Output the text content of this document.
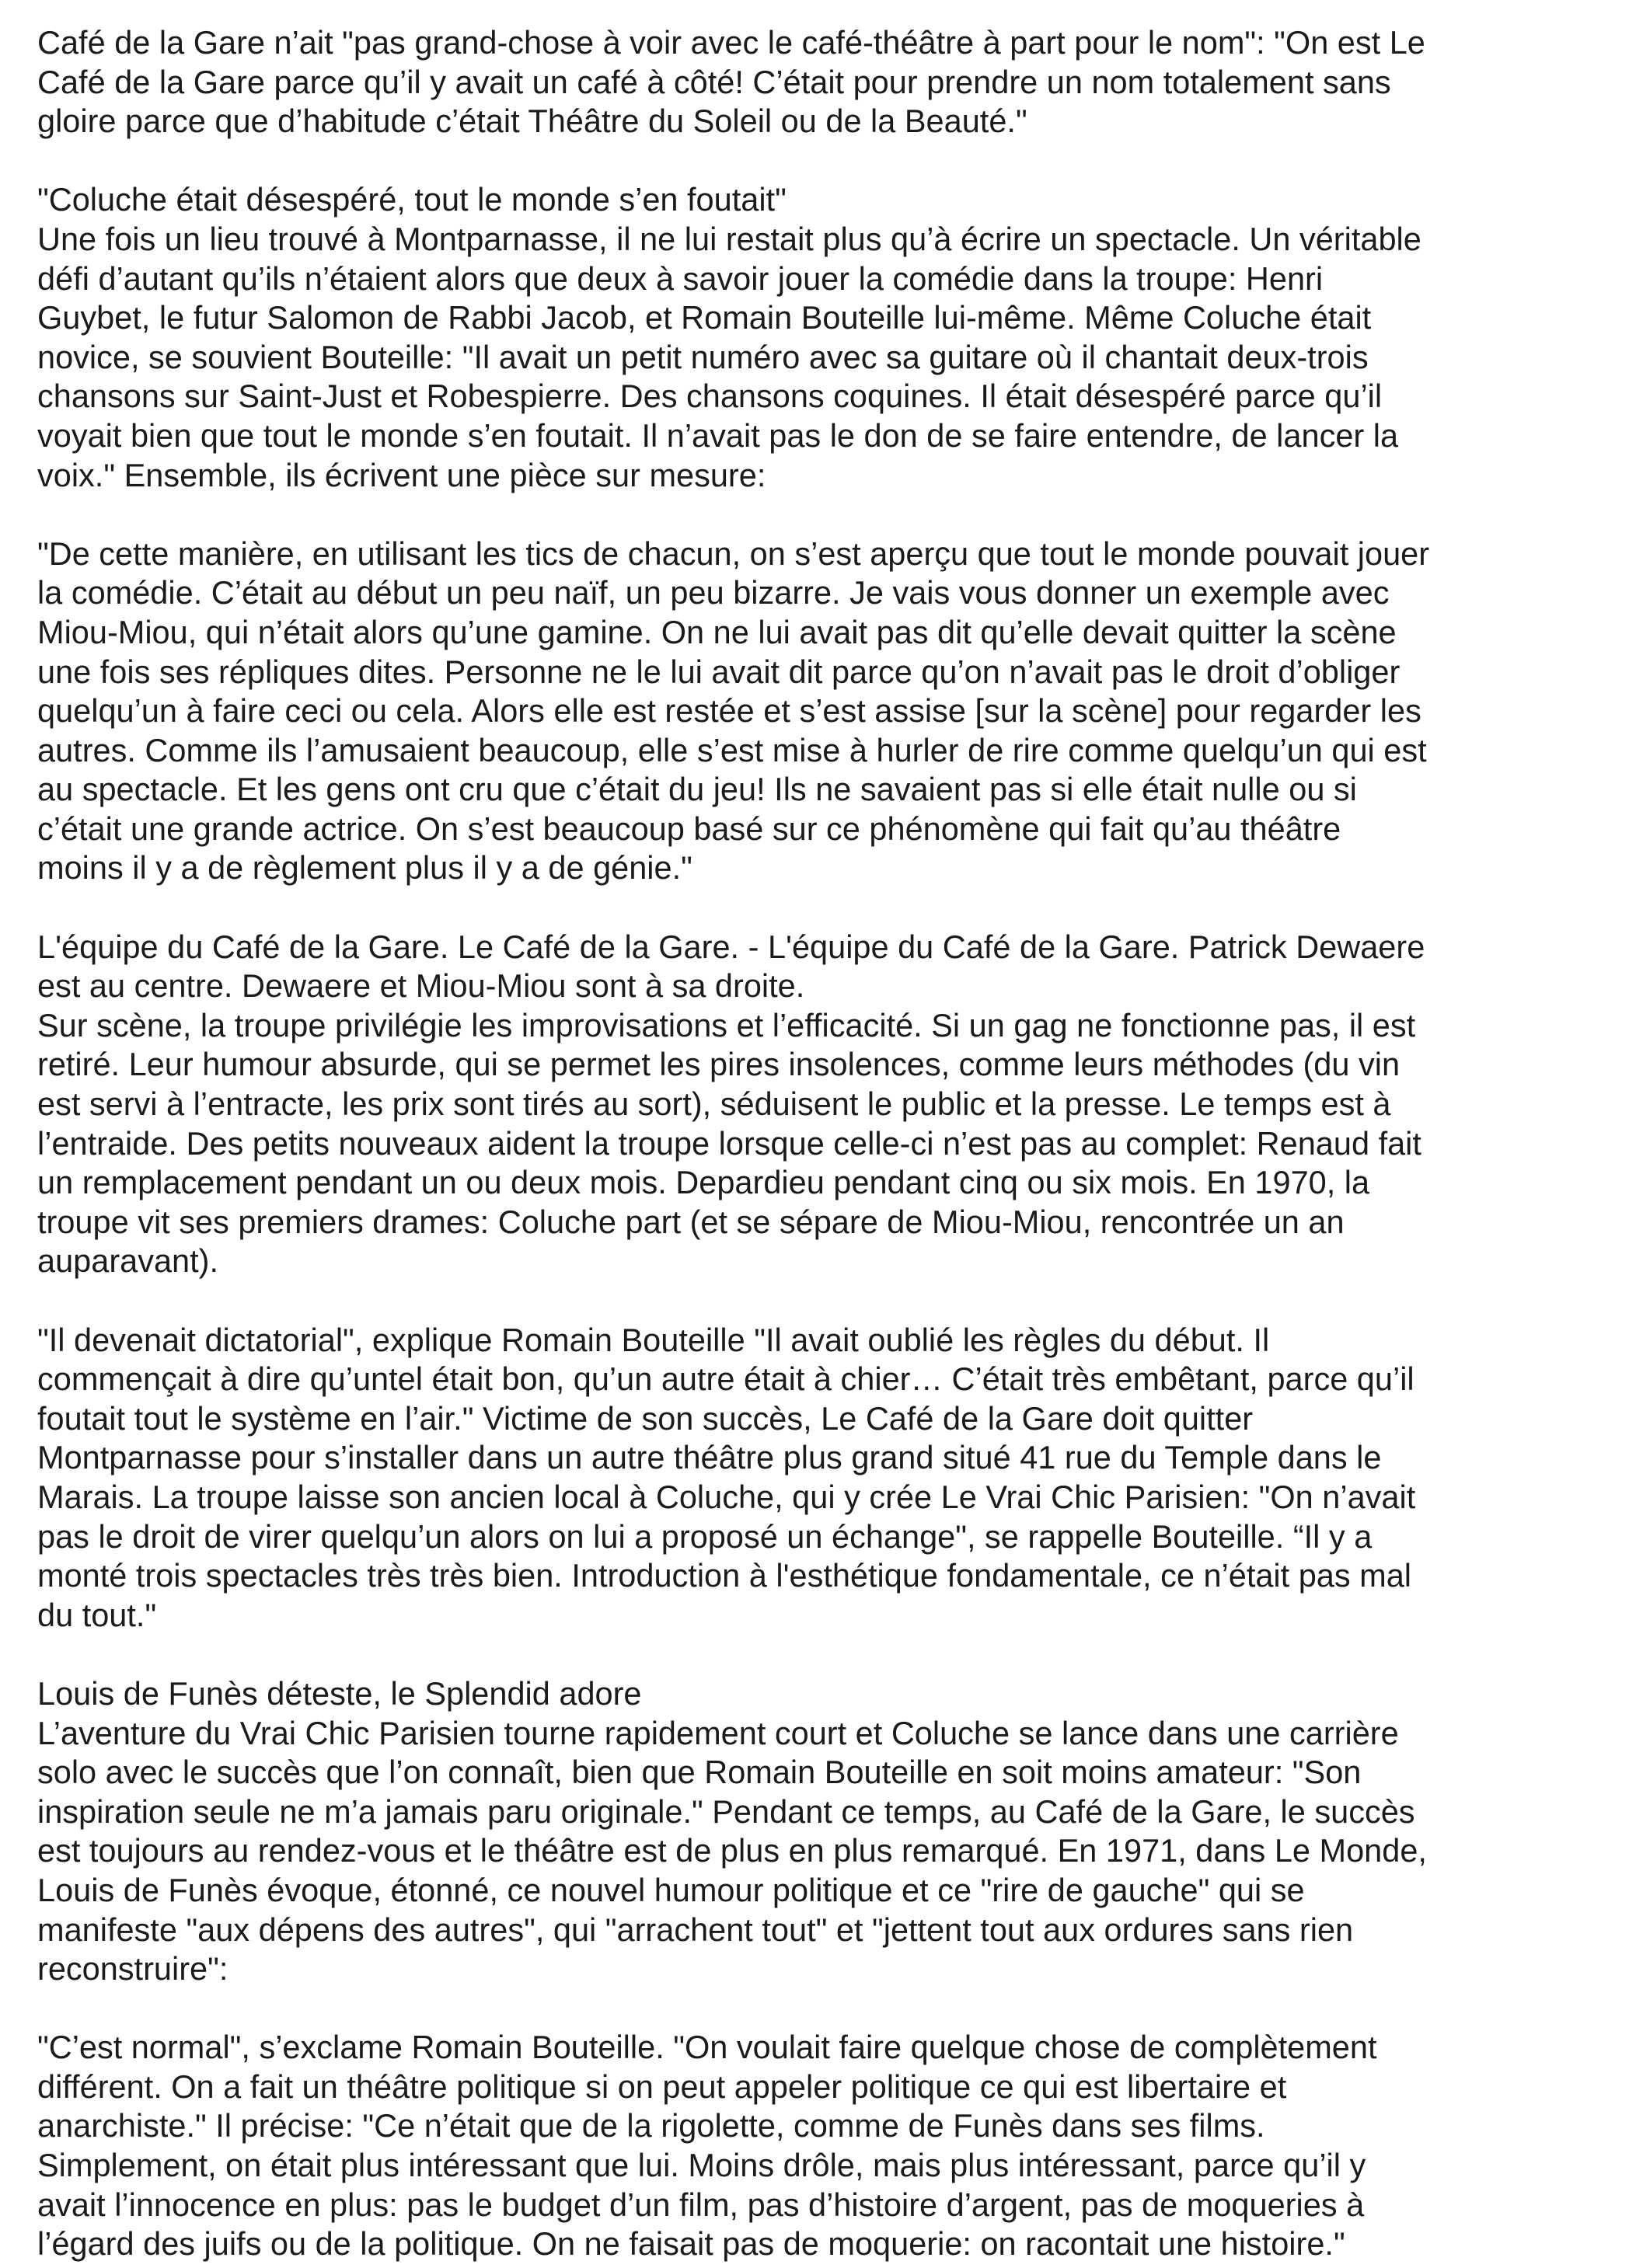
Café de la Gare n’ait "pas grand-chose à voir avec le café-théâtre à part pour le nom": "On est Le
Café de la Gare parce qu’il y avait un café à côté! C’était pour prendre un nom totalement sans
gloire parce que d’habitude c’était Théâtre du Soleil ou de la Beauté."
"Coluche était désespéré, tout le monde s’en foutait"
Une fois un lieu trouvé à Montparnasse, il ne lui restait plus qu’à écrire un spectacle. Un véritable
défi d’autant qu’ils n’étaient alors que deux à savoir jouer la comédie dans la troupe: Henri
Guybet, le futur Salomon de Rabbi Jacob, et Romain Bouteille lui-même. Même Coluche était
novice, se souvient Bouteille: "Il avait un petit numéro avec sa guitare où il chantait deux-trois
chansons sur Saint-Just et Robespierre. Des chansons coquines. Il était désespéré parce qu’il
voyait bien que tout le monde s’en foutait. Il n’avait pas le don de se faire entendre, de lancer la
voix." Ensemble, ils écrivent une pièce sur mesure:
"De cette manière, en utilisant les tics de chacun, on s’est aperçu que tout le monde pouvait jouer
la comédie. C’était au début un peu naïf, un peu bizarre. Je vais vous donner un exemple avec
Miou-Miou, qui n’était alors qu’une gamine. On ne lui avait pas dit qu’elle devait quitter la scène
une fois ses répliques dites. Personne ne le lui avait dit parce qu’on n’avait pas le droit d’obliger
quelqu’un à faire ceci ou cela. Alors elle est restée et s’est assise [sur la scène] pour regarder les
autres. Comme ils l’amusaient beaucoup, elle s’est mise à hurler de rire comme quelqu’un qui est
au spectacle. Et les gens ont cru que c’était du jeu! Ils ne savaient pas si elle était nulle ou si
c’était une grande actrice. On s’est beaucoup basé sur ce phénomène qui fait qu’au théâtre
moins il y a de règlement plus il y a de génie."
L'équipe du Café de la Gare. Le Café de la Gare. - L'équipe du Café de la Gare. Patrick Dewaere
est au centre. Dewaere et Miou-Miou sont à sa droite.
Sur scène, la troupe privilégie les improvisations et l’efficacité. Si un gag ne fonctionne pas, il est
retiré. Leur humour absurde, qui se permet les pires insolences, comme leurs méthodes (du vin
est servi à l’entracte, les prix sont tirés au sort), séduisent le public et la presse. Le temps est à
l’entraide. Des petits nouveaux aident la troupe lorsque celle-ci n’est pas au complet: Renaud fait
un remplacement pendant un ou deux mois. Depardieu pendant cinq ou six mois. En 1970, la
troupe vit ses premiers drames: Coluche part (et se sépare de Miou-Miou, rencontrée un an
auparavant).
"Il devenait dictatorial", explique Romain Bouteille "Il avait oublié les règles du début. Il
commençait à dire qu’untel était bon, qu’un autre était à chier… C’était très embêtant, parce qu’il
foutait tout le système en l’air." Victime de son succès, Le Café de la Gare doit quitter
Montparnasse pour s’installer dans un autre théâtre plus grand situé 41 rue du Temple dans le
Marais. La troupe laisse son ancien local à Coluche, qui y crée Le Vrai Chic Parisien: "On n’avait
pas le droit de virer quelqu’un alors on lui a proposé un échange", se rappelle Bouteille. “Il y a
monté trois spectacles très très bien. Introduction à l'esthétique fondamentale, ce n’était pas mal
du tout."
Louis de Funès déteste, le Splendid adore
L’aventure du Vrai Chic Parisien tourne rapidement court et Coluche se lance dans une carrière
solo avec le succès que l’on connaît, bien que Romain Bouteille en soit moins amateur: "Son
inspiration seule ne m’a jamais paru originale." Pendant ce temps, au Café de la Gare, le succès
est toujours au rendez-vous et le théâtre est de plus en plus remarqué. En 1971, dans Le Monde,
Louis de Funès évoque, étonné, ce nouvel humour politique et ce "rire de gauche" qui se
manifeste "aux dépens des autres", qui "arrachent tout" et "jettent tout aux ordures sans rien
reconstruire":
"C’est normal", s’exclame Romain Bouteille. "On voulait faire quelque chose de complètement
différent. On a fait un théâtre politique si on peut appeler politique ce qui est libertaire et
anarchiste." Il précise: "Ce n’était que de la rigolette, comme de Funès dans ses films.
Simplement, on était plus intéressant que lui. Moins drôle, mais plus intéressant, parce qu’il y
avait l’innocence en plus: pas le budget d’un film, pas d’histoire d’argent, pas de moqueries à
l’égard des juifs ou de la politique. On ne faisait pas de moquerie: on racontait une histoire."
